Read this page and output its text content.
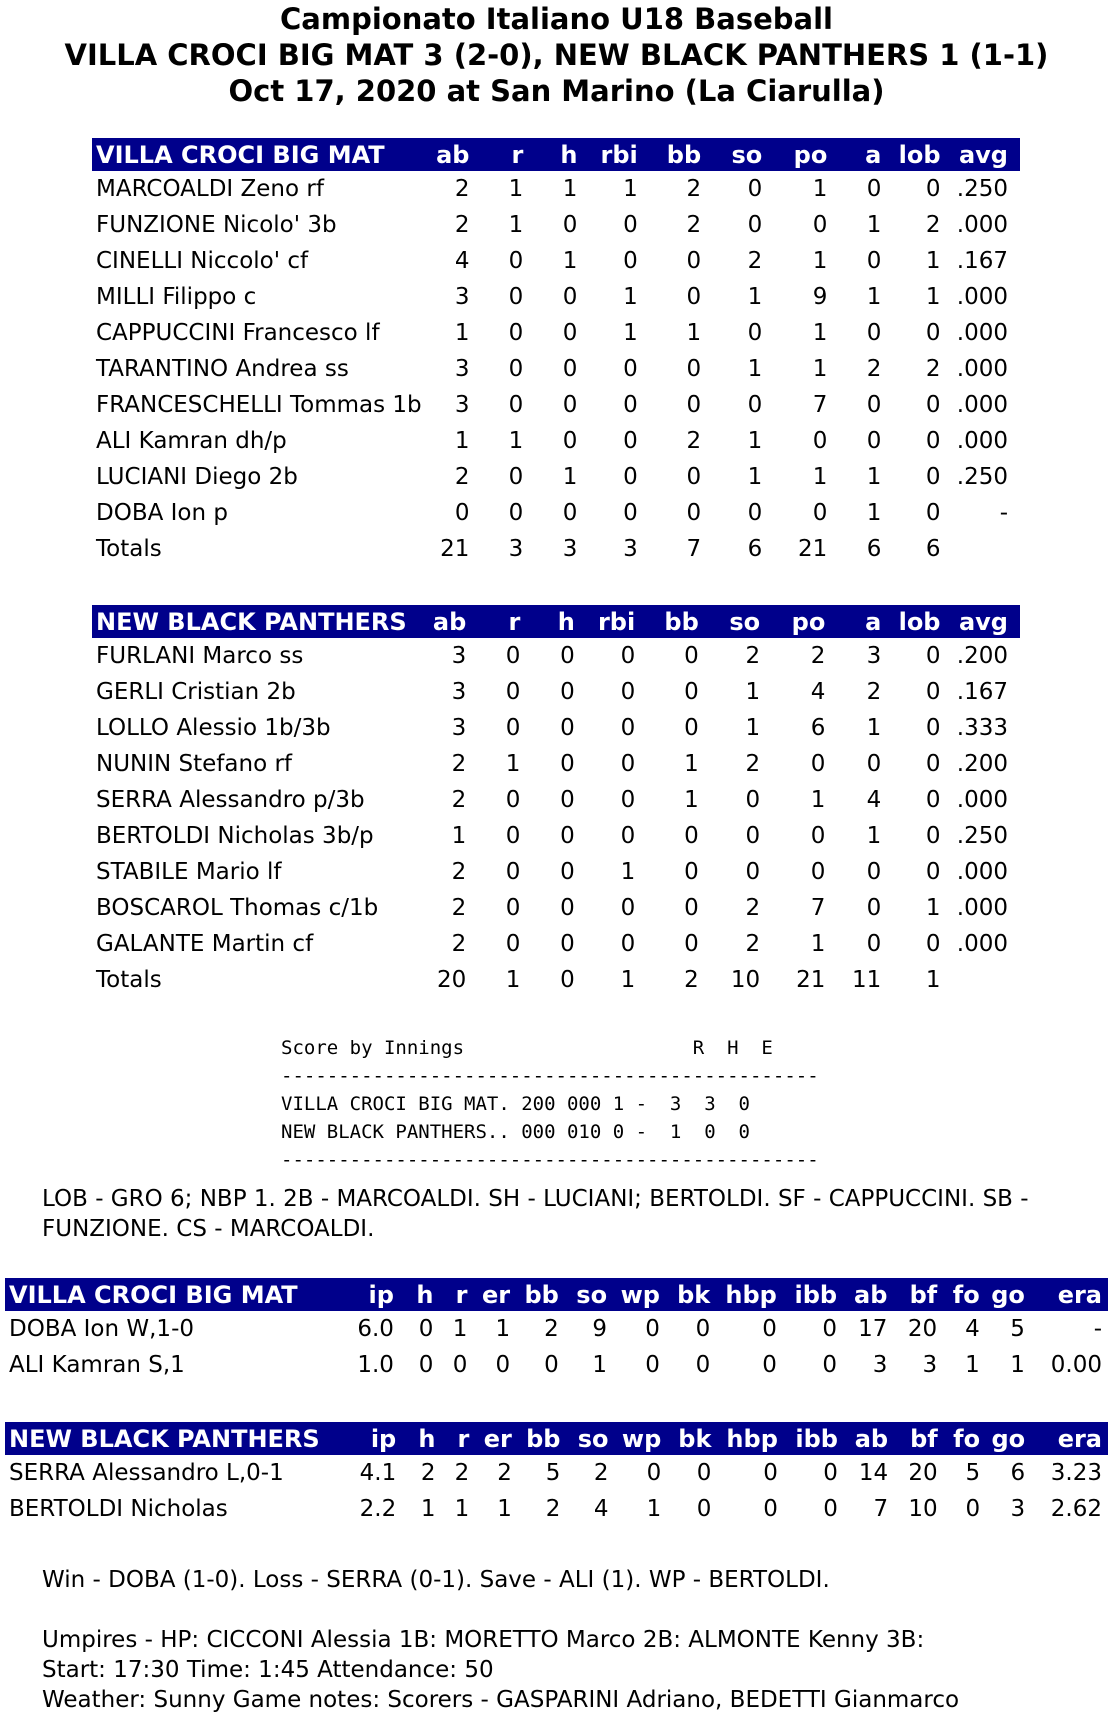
Campionato Italiano U18 Baseball
VILLA CROCI BIG MAT 3 (2-0), NEW BLACK PANTHERS 1 (1-1)
Oct 17, 2020 at San Marino (La Ciarulla)
VILLA CROCI BIG MAT	ab	r	h	rbi	bb	so	po	a	lob	avg
MARCOALDI Zeno rf	2	1	1	1	2	0	1	0	0	.250
FUNZIONE Nicolo' 3b	2	1	0	0	2	0	0	1	2	.000
CINELLI Niccolo' cf	4	0	1	0	0	2	1	0	1	.167
MILLI Filippo c	3	0	0	1	0	1	9	1	1	.000
CAPPUCCINI Francesco lf	1	0	0	1	1	0	1	0	0	.000
TARANTINO Andrea ss	3	0	0	0	0	1	1	2	2	.000
FRANCESCHELLI Tommas 1b	3	0	0	0	0	0	7	0	0	.000
ALI Kamran dh/p	1	1	0	0	2	1	0	0	0	.000
LUCIANI Diego 2b	2	0	1	0	0	1	1	1	0	.250
DOBA Ion p	0	0	0	0	0	0	0	1	0	-
Totals	21	3	3	3	7	6	21	6	6	
NEW BLACK PANTHERS	ab	r	h	rbi	bb	so	po	a	lob	avg
FURLANI Marco ss	3	0	0	0	0	2	2	3	0	.200
GERLI Cristian 2b	3	0	0	0	0	1	4	2	0	.167
LOLLO Alessio 1b/3b	3	0	0	0	0	1	6	1	0	.333
NUNIN Stefano rf	2	1	0	0	1	2	0	0	0	.200
SERRA Alessandro p/3b	2	0	0	0	1	0	1	4	0	.000
BERTOLDI Nicholas 3b/p	1	0	0	0	0	0	0	1	0	.250
STABILE Mario lf	2	0	0	1	0	0	0	0	0	.000
BOSCAROL Thomas c/1b	2	0	0	0	0	2	7	0	1	.000
GALANTE Martin cf	2	0	0	0	0	2	1	0	0	.000
Totals	20	1	0	1	2	10	21	11	1	
Score by Innings                    R  H  E
-----------------------------------------------
VILLA CROCI BIG MAT. 200 000 1 -  3  3  0
NEW BLACK PANTHERS.. 000 010 0 -  1  0  0
-----------------------------------------------
LOB - GRO 6; NBP 1. 2B - MARCOALDI. SH - LUCIANI; BERTOLDI. SF - CAPPUCCINI. SB - FUNZIONE. CS - MARCOALDI.
VILLA CROCI BIG MAT	ip	h	r	er	bb	so	wp	bk	hbp	ibb	ab	bf	fo	go	era
DOBA Ion W,1-0	6.0	0	1	1	2	9	0	0	0	0	17	20	4	5	-
ALI Kamran S,1	1.0	0	0	0	0	1	0	0	0	0	3	3	1	1	0.00
NEW BLACK PANTHERS	ip	h	r	er	bb	so	wp	bk	hbp	ibb	ab	bf	fo	go	era
SERRA Alessandro L,0-1	4.1	2	2	2	5	2	0	0	0	0	14	20	5	6	3.23
BERTOLDI Nicholas	2.2	1	1	1	2	4	1	0	0	0	7	10	0	3	2.62
Win - DOBA (1-0). Loss - SERRA (0-1). Save - ALI (1). WP - BERTOLDI.
Umpires - HP: CICCONI Alessia 1B: MORETTO Marco 2B: ALMONTE Kenny 3B:
Start: 17:30 Time: 1:45 Attendance: 50
Weather: Sunny Game notes: Scorers - GASPARINI Adriano, BEDETTI Gianmarco
